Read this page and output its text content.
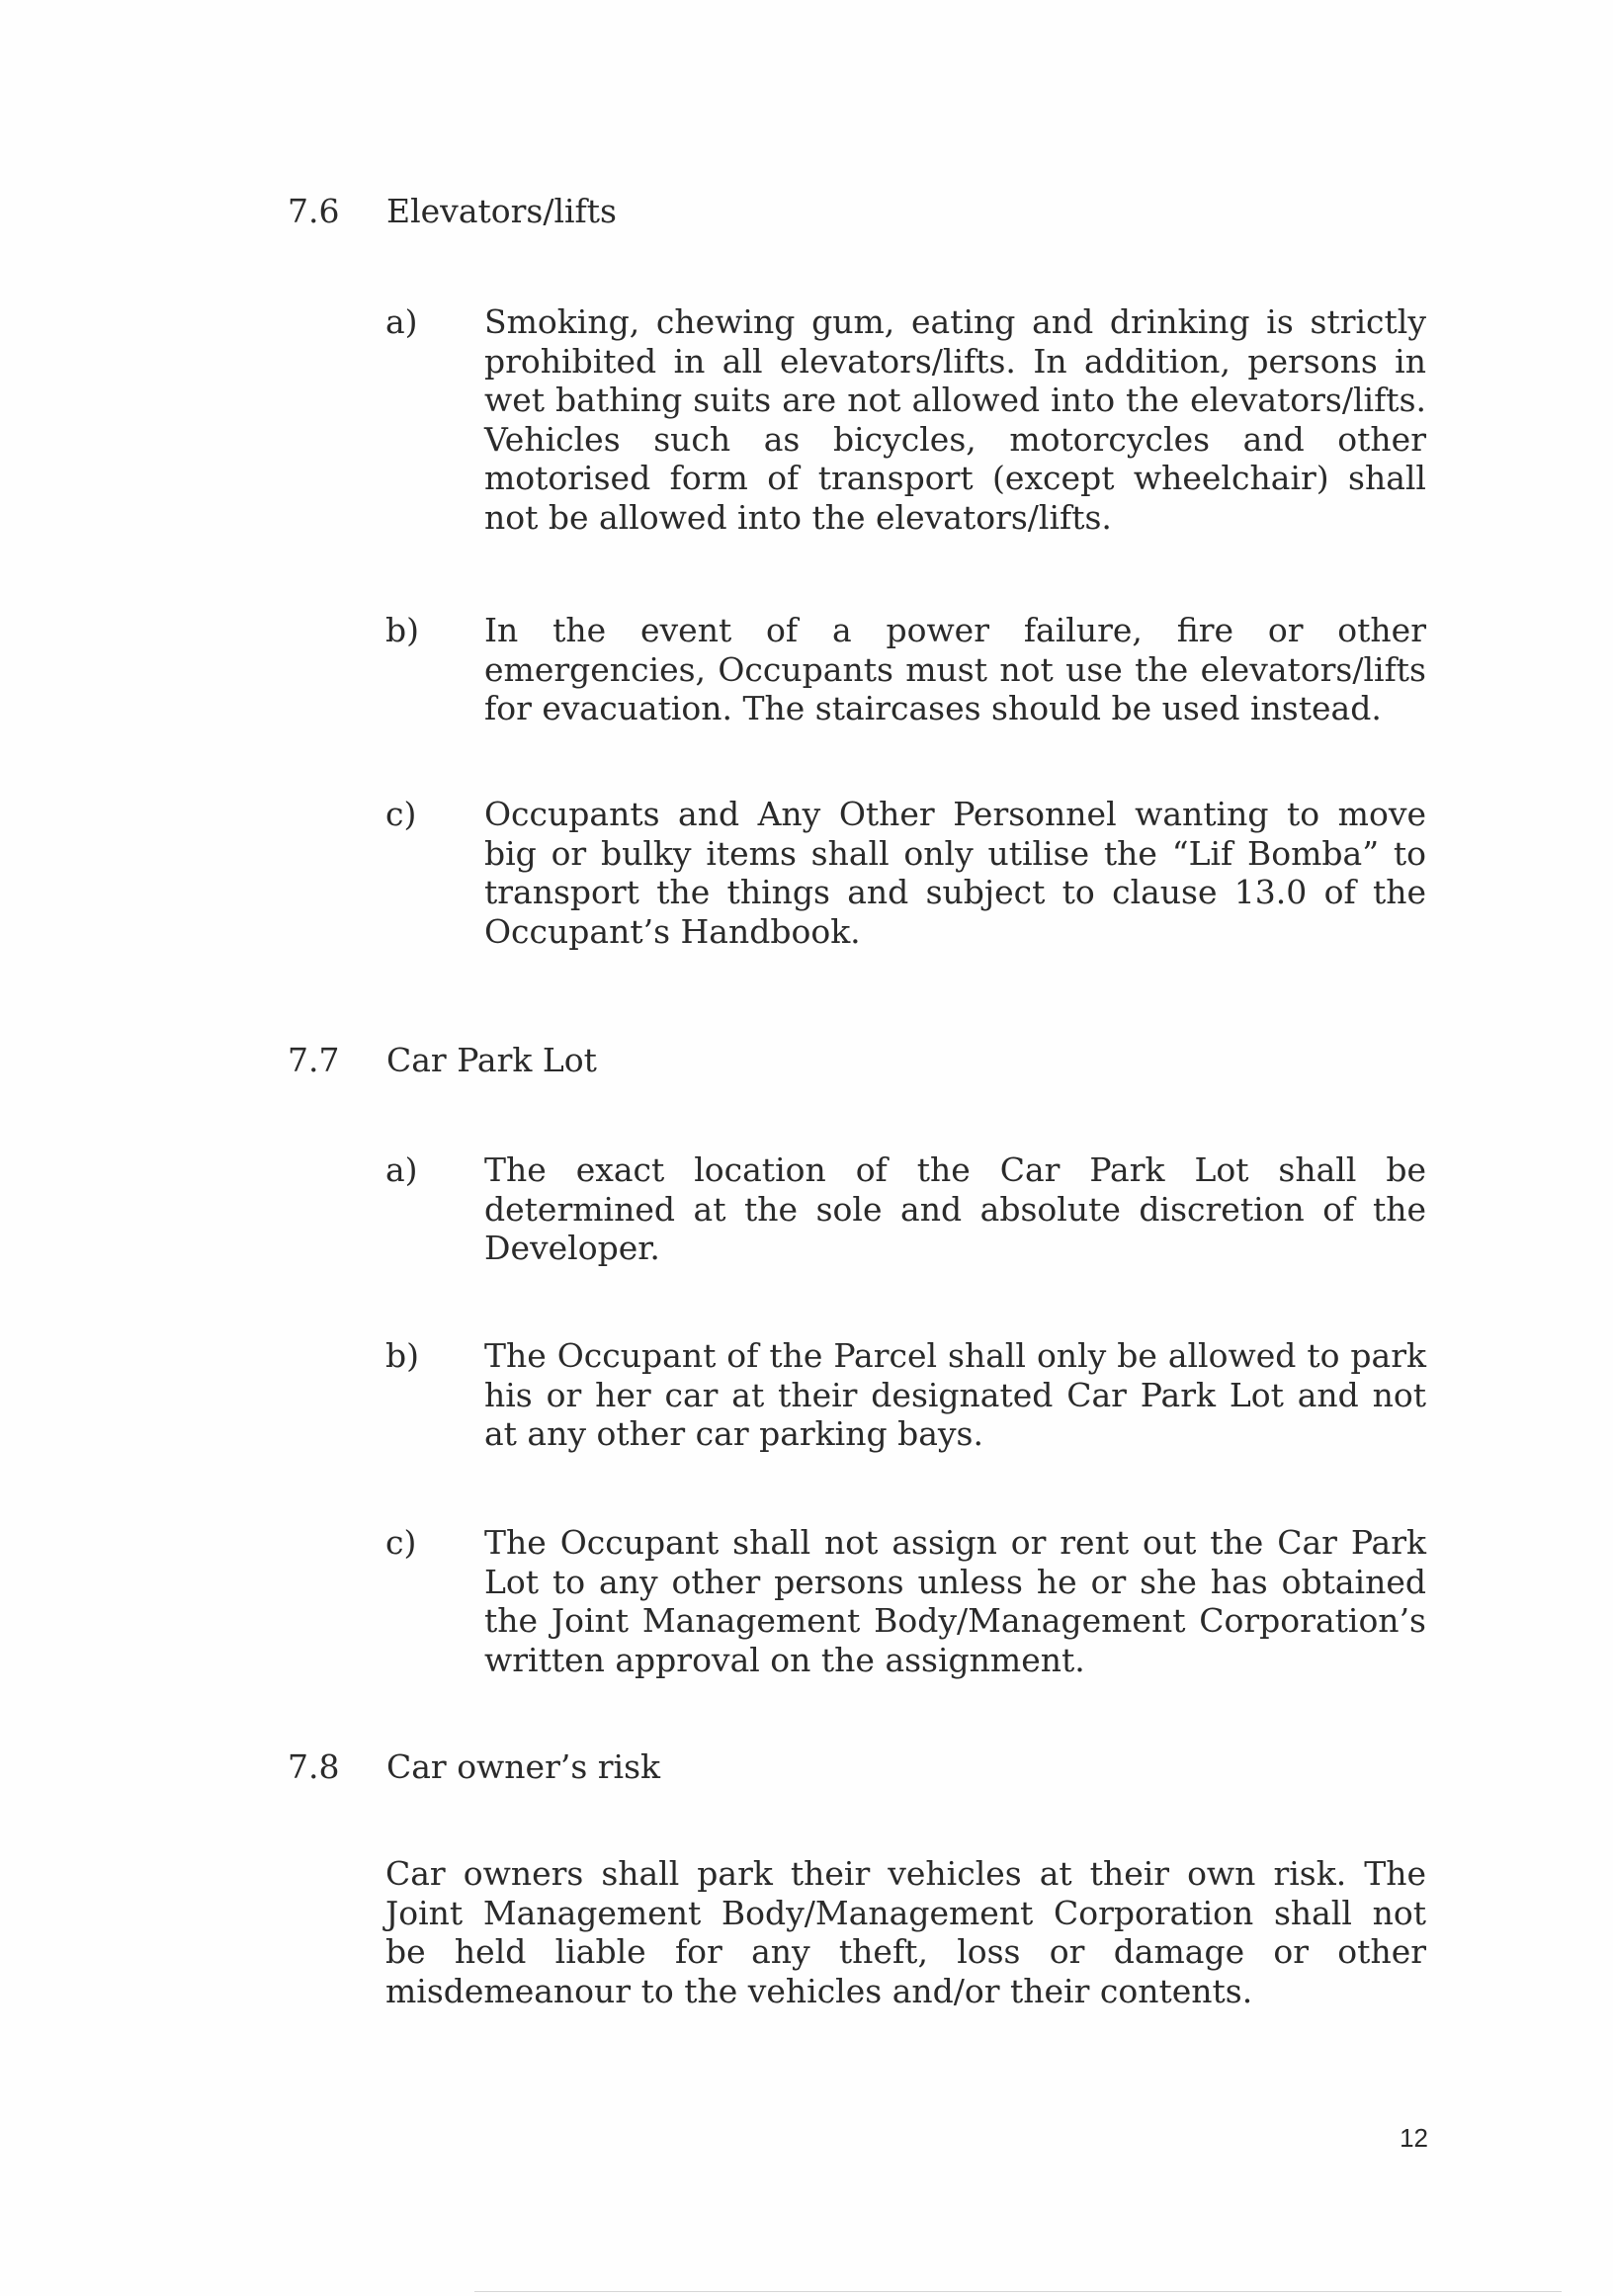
7.6 Elevators/lifts
a) Smoking, chewing gum, eating and drinking is strictly prohibited in all elevators/lifts. In addition, persons in wet bathing suits are not allowed into the elevators/lifts. Vehicles such as bicycles, motorcycles and other motorised form of transport (except wheelchair) shall not be allowed into the elevators/lifts.
b) In the event of a power failure, fire or other emergencies, Occupants must not use the elevators/lifts for evacuation. The staircases should be used instead.
c) Occupants and Any Other Personnel wanting to move big or bulky items shall only utilise the “Lif Bomba” to transport the things and subject to clause 13.0 of the Occupant’s Handbook.
7.7 Car Park Lot
a) The exact location of the Car Park Lot shall be determined at the sole and absolute discretion of the Developer.
b) The Occupant of the Parcel shall only be allowed to park his or her car at their designated Car Park Lot and not at any other car parking bays.
c) The Occupant shall not assign or rent out the Car Park Lot to any other persons unless he or she has obtained the Joint Management Body/Management Corporation’s written approval on the assignment.
7.8 Car owner’s risk
Car owners shall park their vehicles at their own risk. The Joint Management Body/Management Corporation shall not be held liable for any theft, loss or damage or other misdemeanour to the vehicles and/or their contents.
12
